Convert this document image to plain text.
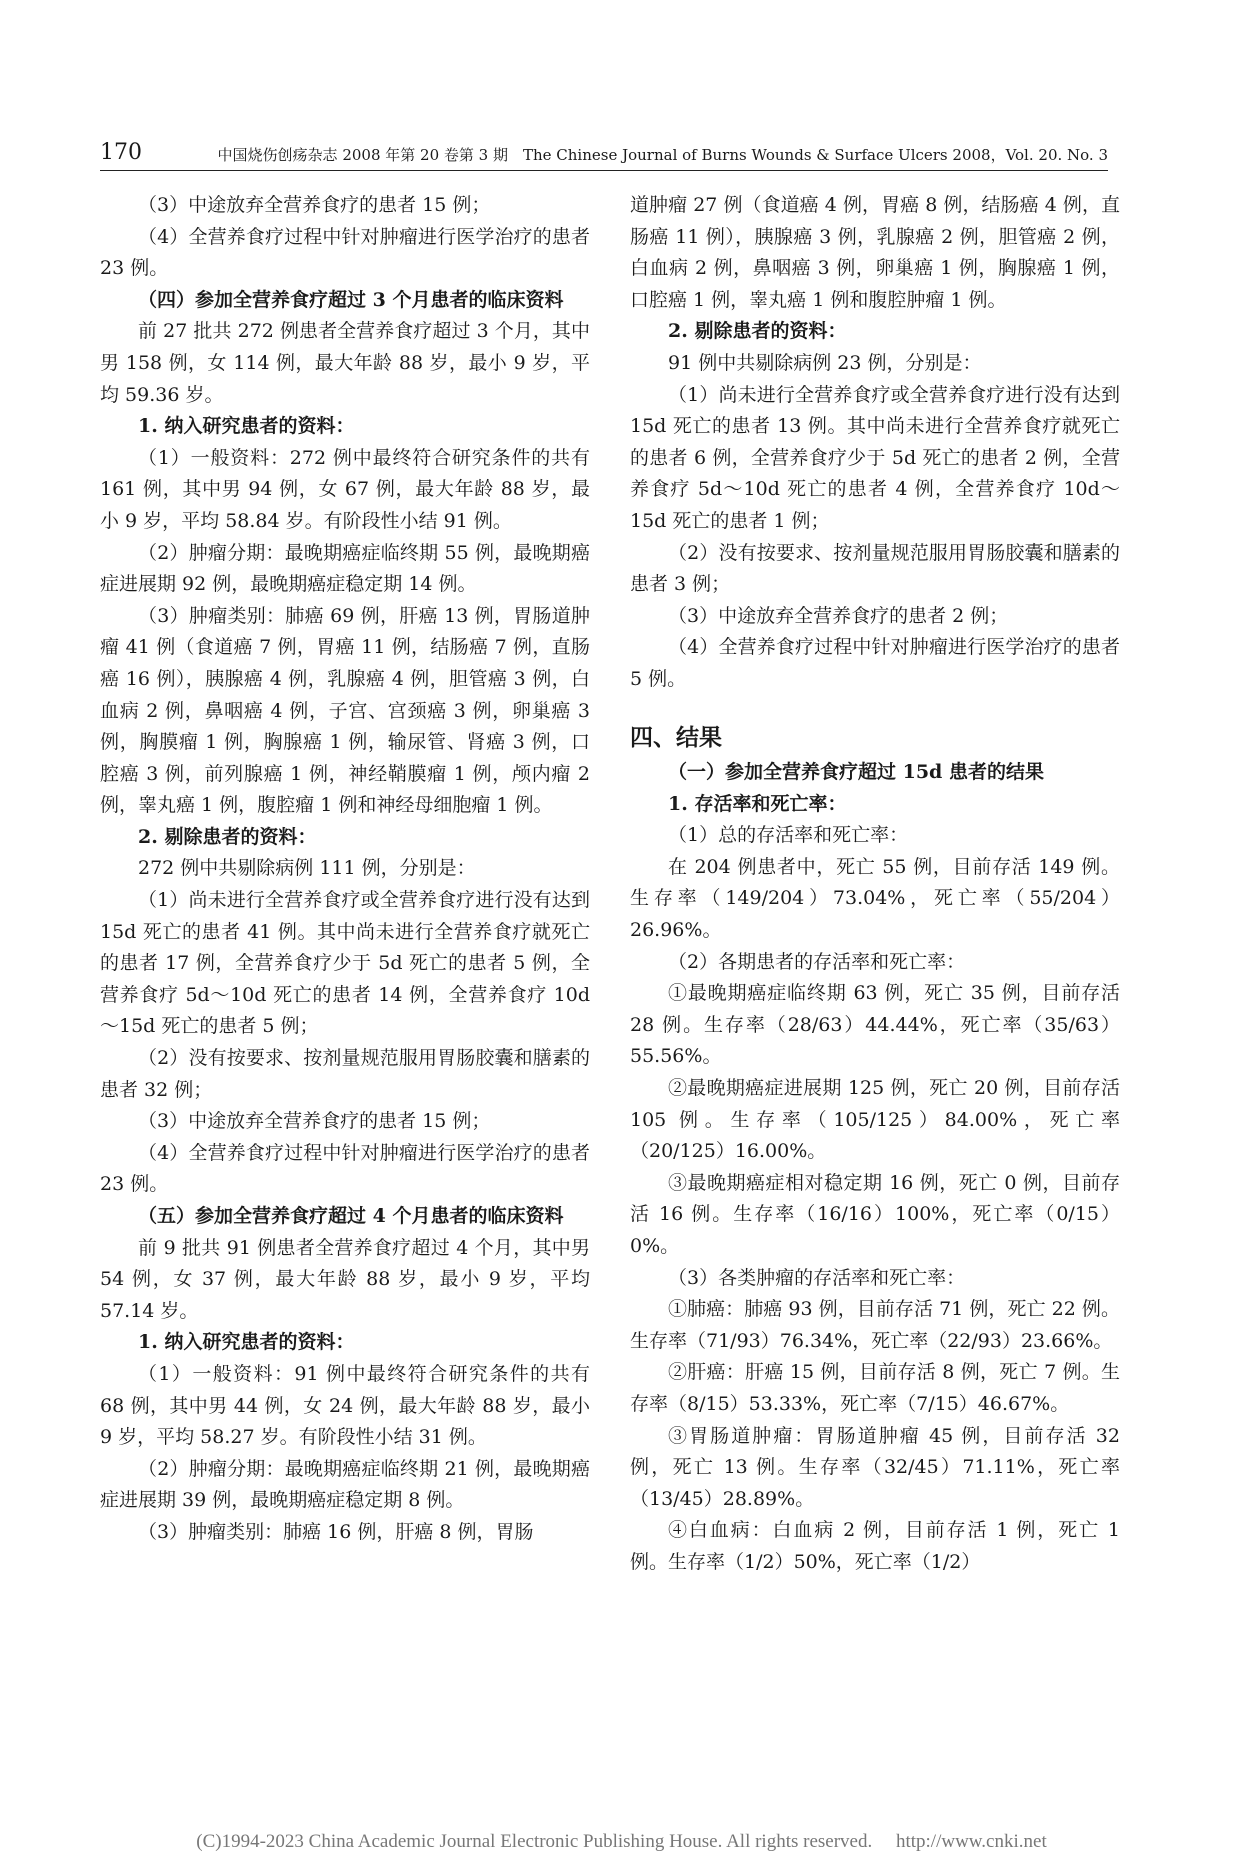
170	中国烧伤创疡杂志 2008 年第 20 卷第 3 期　The Chinese Journal of Burns Wounds & Surface Ulcers 2008，Vol. 20. No. 3

（3）中途放弃全营养食疗的患者 15 例；

（4）全营养食疗过程中针对肿瘤进行医学治疗的患者 23 例。

（四）参加全营养食疗超过 3 个月患者的临床资料

前 27 批共 272 例患者全营养食疗超过 3 个月，其中男 158 例，女 114 例，最大年龄 88 岁，最小 9 岁，平均 59.36 岁。

1. 纳入研究患者的资料：

（1）一般资料：272 例中最终符合研究条件的共有 161 例，其中男 94 例，女 67 例，最大年龄 88 岁，最小 9 岁，平均 58.84 岁。有阶段性小结 91 例。

（2）肿瘤分期：最晚期癌症临终期 55 例，最晚期癌症进展期 92 例，最晚期癌症稳定期 14 例。

（3）肿瘤类别：肺癌 69 例，肝癌 13 例，胃肠道肿瘤 41 例（食道癌 7 例，胃癌 11 例，结肠癌 7 例，直肠癌 16 例），胰腺癌 4 例，乳腺癌 4 例，胆管癌 3 例，白血病 2 例，鼻咽癌 4 例，子宫、宫颈癌 3 例，卵巢癌 3 例，胸膜瘤 1 例，胸腺癌 1 例，输尿管、肾癌 3 例，口腔癌 3 例，前列腺癌 1 例，神经鞘膜瘤 1 例，颅内瘤 2 例，睾丸癌 1 例，腹腔瘤 1 例和神经母细胞瘤 1 例。

2. 剔除患者的资料：

272 例中共剔除病例 111 例，分别是：

（1）尚未进行全营养食疗或全营养食疗进行没有达到 15d 死亡的患者 41 例。其中尚未进行全营养食疗就死亡的患者 17 例，全营养食疗少于 5d 死亡的患者 5 例，全营养食疗 5d～10d 死亡的患者 14 例，全营养食疗 10d～15d 死亡的患者 5 例；

（2）没有按要求、按剂量规范服用胃肠胶囊和膳素的患者 32 例；

（3）中途放弃全营养食疗的患者 15 例；

（4）全营养食疗过程中针对肿瘤进行医学治疗的患者 23 例。

（五）参加全营养食疗超过 4 个月患者的临床资料

前 9 批共 91 例患者全营养食疗超过 4 个月，其中男 54 例，女 37 例，最大年龄 88 岁，最小 9 岁，平均 57.14 岁。

1. 纳入研究患者的资料：

（1）一般资料：91 例中最终符合研究条件的共有 68 例，其中男 44 例，女 24 例，最大年龄 88 岁，最小 9 岁，平均 58.27 岁。有阶段性小结 31 例。

（2）肿瘤分期：最晚期癌症临终期 21 例，最晚期癌症进展期 39 例，最晚期癌症稳定期 8 例。

（3）肿瘤类别：肺癌 16 例，肝癌 8 例，胃肠

道肿瘤 27 例（食道癌 4 例，胃癌 8 例，结肠癌 4 例，直肠癌 11 例），胰腺癌 3 例，乳腺癌 2 例，胆管癌 2 例，白血病 2 例，鼻咽癌 3 例，卵巢癌 1 例，胸腺癌 1 例，口腔癌 1 例，睾丸癌 1 例和腹腔肿瘤 1 例。

2. 剔除患者的资料：

91 例中共剔除病例 23 例，分别是：

（1）尚未进行全营养食疗或全营养食疗进行没有达到 15d 死亡的患者 13 例。其中尚未进行全营养食疗就死亡的患者 6 例，全营养食疗少于 5d 死亡的患者 2 例，全营养食疗 5d～10d 死亡的患者 4 例，全营养食疗 10d～15d 死亡的患者 1 例；

（2）没有按要求、按剂量规范服用胃肠胶囊和膳素的患者 3 例；

（3）中途放弃全营养食疗的患者 2 例；

（4）全营养食疗过程中针对肿瘤进行医学治疗的患者 5 例。

四、结果

（一）参加全营养食疗超过 15d 患者的结果

1. 存活率和死亡率：

（1）总的存活率和死亡率：

在 204 例患者中，死亡 55 例，目前存活 149 例。生存率（149/204）73.04%，死亡率（55/204）26.96%。

（2）各期患者的存活率和死亡率：

①最晚期癌症临终期 63 例，死亡 35 例，目前存活 28 例。生存率（28/63）44.44%，死亡率（35/63）55.56%。

②最晚期癌症进展期 125 例，死亡 20 例，目前存活 105 例。生存率（105/125）84.00%，死亡率（20/125）16.00%。

③最晚期癌症相对稳定期 16 例，死亡 0 例，目前存活 16 例。生存率（16/16）100%，死亡率（0/15）0%。

（3）各类肿瘤的存活率和死亡率：

①肺癌：肺癌 93 例，目前存活 71 例，死亡 22 例。生存率（71/93）76.34%，死亡率（22/93）23.66%。

②肝癌：肝癌 15 例，目前存活 8 例，死亡 7 例。生存率（8/15）53.33%，死亡率（7/15）46.67%。

③胃肠道肿瘤：胃肠道肿瘤 45 例，目前存活 32 例，死亡 13 例。生存率（32/45）71.11%，死亡率（13/45）28.89%。

④白血病：白血病 2 例，目前存活 1 例，死亡 1 例。生存率（1/2）50%，死亡率（1/2）

(C)1994-2023 China Academic Journal Electronic Publishing House. All rights reserved.　 http://www.cnki.net
